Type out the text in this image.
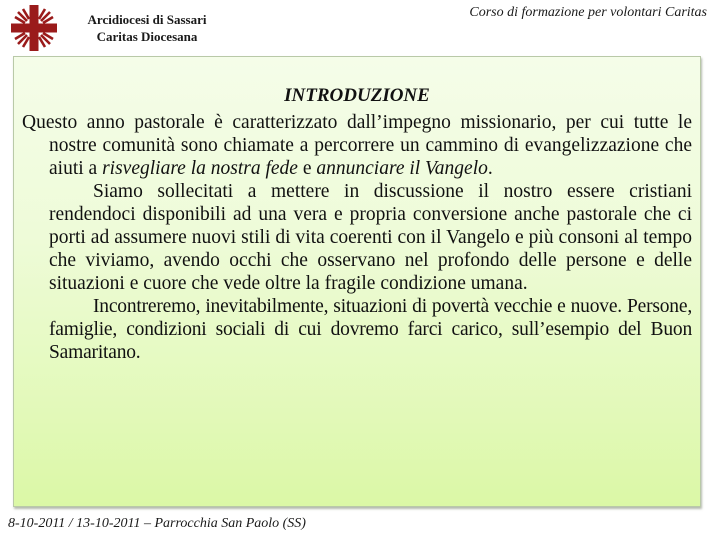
Arcidiocesi di Sassari
Caritas Diocesana
Corso di formazione per volontari Caritas
INTRODUZIONE

Questo anno pastorale è caratterizzato dall’impegno missionario, per cui tutte le nostre comunità sono chiamate a percorrere un cammino di evangelizzazione che aiuti a risvegliare la nostra fede e annunciare il Vangelo.

Siamo sollecitati a mettere in discussione il nostro essere cristiani rendendoci disponibili ad una vera e propria conversione anche pastorale che ci porti ad assumere nuovi stili di vita coerenti con il Vangelo e più consoni al tempo che viviamo, avendo occhi che osservano nel profondo delle persone e delle situazioni e cuore che vede oltre la fragile condizione umana.

Incontreremo, inevitabilmente, situazioni di povertà vecchie e nuove. Persone, famiglie, condizioni sociali di cui dovremo farci carico, sull’esempio del Buon Samaritano.

8-10-2011 / 13-10-2011 – Parrocchia San Paolo (SS)
